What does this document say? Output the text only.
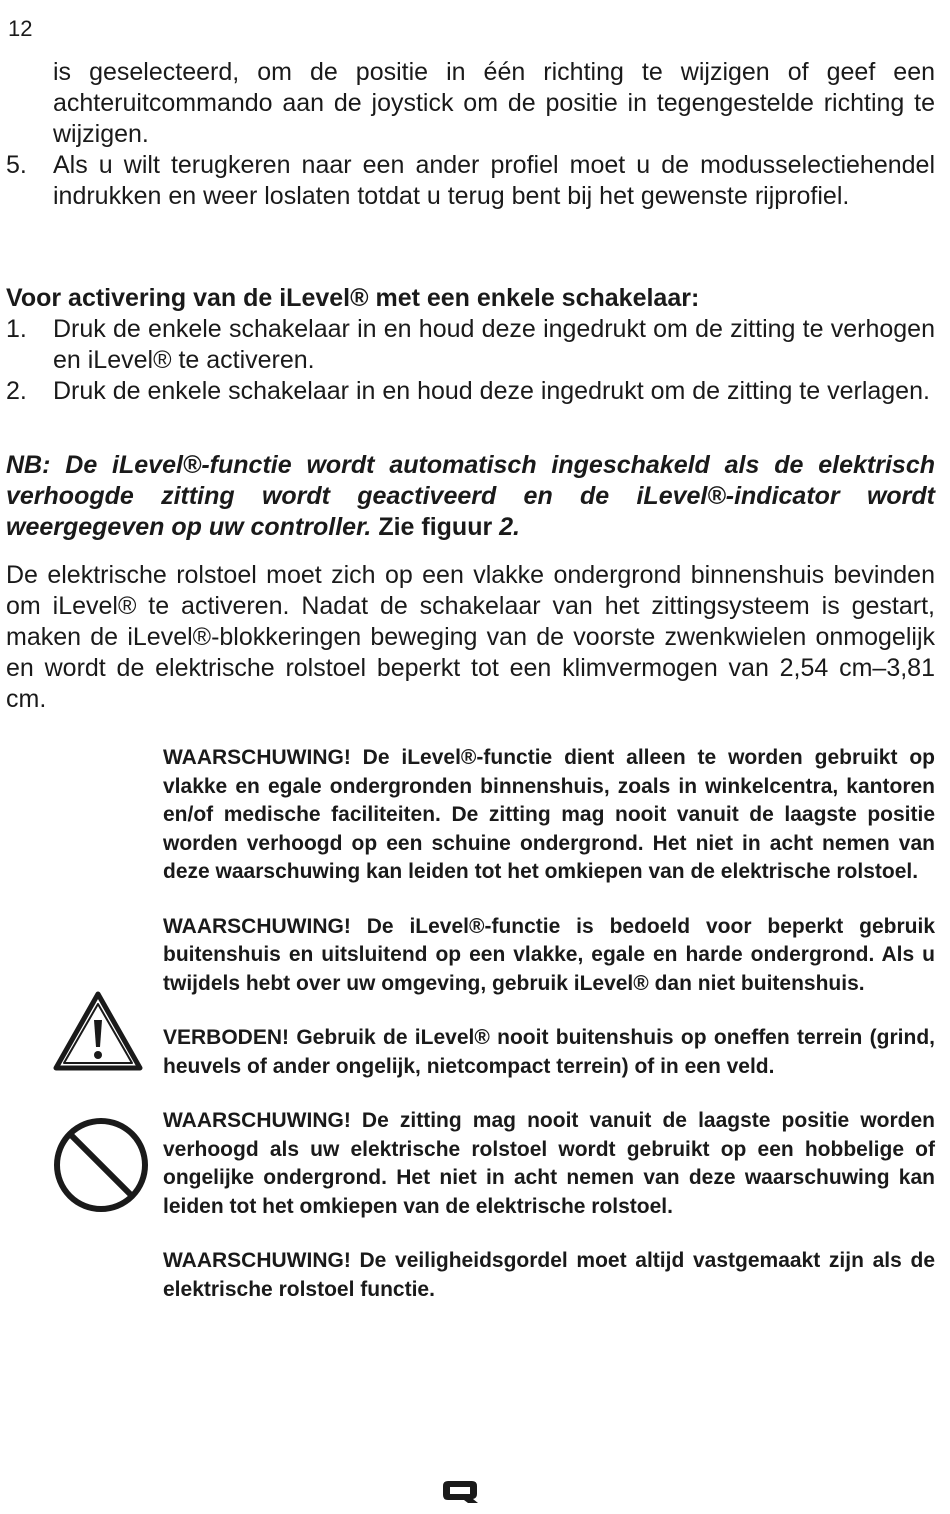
12
is geselecteerd, om de positie in één richting te wijzigen of geef een achteruitcommando aan de joystick om de positie in tegengestelde richting te wijzigen.
5. Als u wilt terugkeren naar een ander profiel moet u de modusselectiehendel indrukken en weer loslaten totdat u terug bent bij het gewenste rijprofiel.
Voor activering van de iLevel® met een enkele schakelaar:
1. Druk de enkele schakelaar in en houd deze ingedrukt om de zitting te verhogen en iLevel® te activeren.
2. Druk de enkele schakelaar in en houd deze ingedrukt om de zitting te verlagen.

NB: De iLevel®-functie wordt automatisch ingeschakeld als de elektrisch verhoogde zitting wordt geactiveerd en de iLevel®-indicator wordt weergegeven op uw controller. Zie figuur 2.

De elektrische rolstoel moet zich op een vlakke ondergrond binnenshuis bevinden om iLevel® te activeren. Nadat de schakelaar van het zittingsysteem is gestart, maken de iLevel®-blokkeringen beweging van de voorste zwenkwielen onmogelijk en wordt de elektrische rolstoel beperkt tot een klimvermogen van 2,54 cm–3,81 cm.

WAARSCHUWING! De iLevel®-functie dient alleen te worden gebruikt op vlakke en egale ondergronden binnenshuis, zoals in winkelcentra, kantoren en/of medische faciliteiten. De zitting mag nooit vanuit de laagste positie worden verhoogd op een schuine ondergrond. Het niet in acht nemen van deze waarschuwing kan leiden tot het omkiepen van de elektrische rolstoel.

WAARSCHUWING! De iLevel®-functie is bedoeld voor beperkt gebruik buitenshuis en uitsluitend op een vlakke, egale en harde ondergrond. Als u twijdels hebt over uw omgeving, gebruik iLevel® dan niet buitenshuis.

VERBODEN! Gebruik de iLevel® nooit buitenshuis op oneffen terrein (grind, heuvels of ander ongelijk, nietcompact terrein) of in een veld.

WAARSCHUWING! De zitting mag nooit vanuit de laagste positie worden verhoogd als uw elektrische rolstoel wordt gebruikt op een hobbelige of ongelijke ondergrond. Het niet in acht nemen van deze waarschuwing kan leiden tot het omkiepen van de elektrische rolstoel.

WAARSCHUWING! De veiligheidsgordel moet altijd vastgemaakt zijn als de elektrische rolstoel functie.
